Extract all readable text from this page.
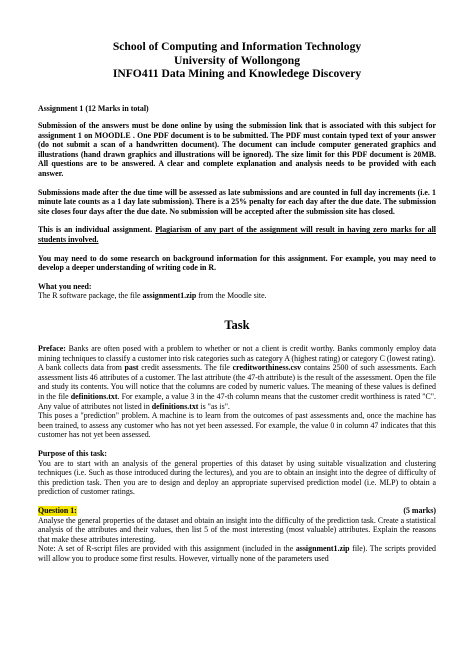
School of Computing and Information Technology
University of Wollongong
INFO411 Data Mining and Knowledege Discovery

Assignment 1 (12 Marks in total)

Submission of the answers must be done online by using the submission link that is associated with this subject for assignment 1 on MOODLE . One PDF document is to be submitted. The PDF must contain typed text of your answer (do not submit a scan of a handwritten document). The document can include computer generated graphics and illustrations (hand drawn graphics and illustrations will be ignored). The size limit for this PDF document is 20MB. All questions are to be answered. A clear and complete explanation and analysis needs to be provided with each answer.

Submissions made after the due time will be assessed as late submissions and are counted in full day increments (i.e. 1 minute late counts as a 1 day late submission). There is a 25% penalty for each day after the due date. The submission site closes four days after the due date. No submission will be accepted after the submission site has closed.

This is an individual assignment. Plagiarism of any part of the assignment will result in having zero marks for all students involved.

You may need to do some research on background information for this assignment. For example, you may need to develop a deeper understanding of writing code in R.

What you need:

The R software package, the file assignment1.zip from the Moodle site.

Task

Preface: Banks are often posed with a problem to whether or not a client is credit worthy. Banks commonly employ data mining techniques to classify a customer into risk categories such as category A (highest rating) or category C (lowest rating).

A bank collects data from past credit assessments. The file creditworthiness.csv contains 2500 of such assessments. Each assessment lists 46 attributes of a customer. The last attribute (the 47-th attribute) is the result of the assessment. Open the file and study its contents. You will notice that the columns are coded by numeric values. The meaning of these values is defined in the file definitions.txt. For example, a value 3 in the 47-th column means that the customer credit worthiness is rated "C". Any value of attributes not listed in definitions.txt is "as is".

This poses a "prediction" problem. A machine is to learn from the outcomes of past assessments and, once the machine has been trained, to assess any customer who has not yet been assessed. For example, the value 0 in column 47 indicates that this customer has not yet been assessed.

Purpose of this task:

You are to start with an analysis of the general properties of this dataset by using suitable visualization and clustering techniques (i.e. Such as those introduced during the lectures), and you are to obtain an insight into the degree of difficulty of this prediction task. Then you are to design and deploy an appropriate supervised prediction model (i.e. MLP) to obtain a prediction of customer ratings.

Question 1:	(5 marks)

Analyse the general properties of the dataset and obtain an insight into the difficulty of the prediction task. Create a statistical analysis of the attributes and their values, then list 5 of the most interesting (most valuable) attributes. Explain the reasons that make these attributes interesting.

Note: A set of R-script files are provided with this assignment (included in the assignment1.zip file). The scripts provided will allow you to produce some first results. However, virtually none of the parameters used
